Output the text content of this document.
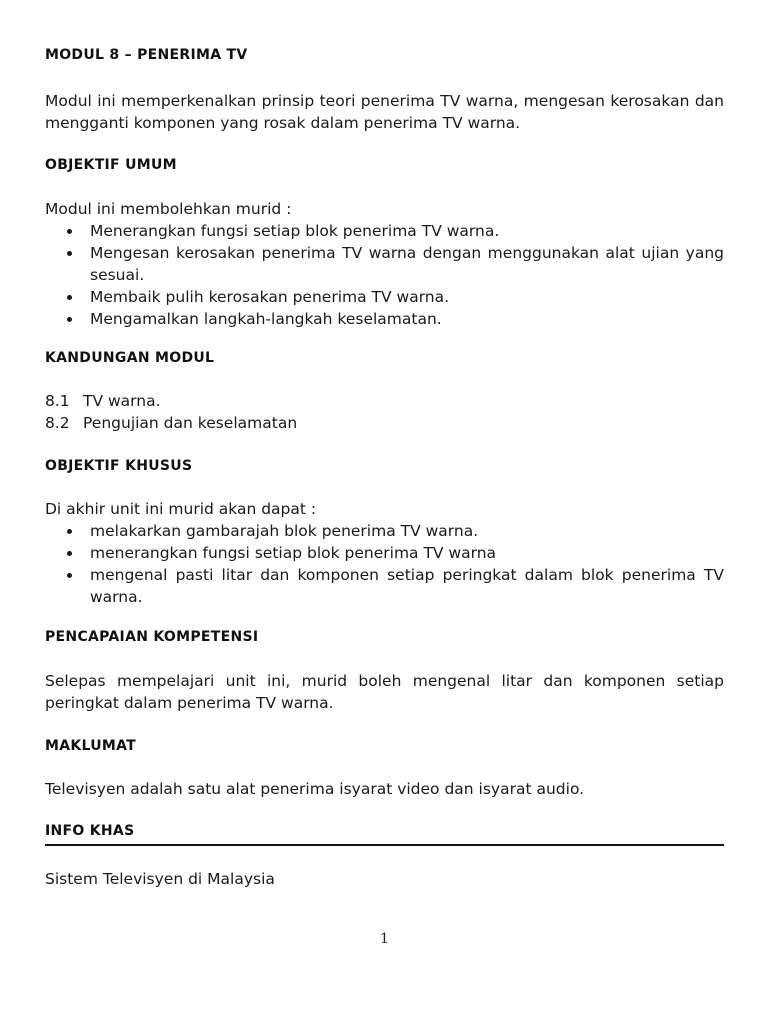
MODUL 8 – PENERIMA TV

Modul ini memperkenalkan prinsip teori penerima TV warna, mengesan kerosakan dan mengganti komponen yang rosak dalam penerima TV warna.

OBJEKTIF UMUM

Modul ini membolehkan murid :

Menerangkan fungsi setiap blok penerima TV warna.
Mengesan kerosakan penerima TV warna dengan menggunakan alat ujian yang sesuai.
Membaik pulih kerosakan penerima TV warna.
Mengamalkan langkah-langkah keselamatan.
KANDUNGAN MODUL
8.1 TV warna.
8.2 Pengujian dan keselamatan
OBJEKTIF KHUSUS

Di akhir unit ini murid akan dapat :

melakarkan gambarajah blok penerima TV warna.
menerangkan fungsi setiap blok penerima TV warna
mengenal pasti litar dan komponen setiap peringkat dalam blok penerima TV warna.
PENCAPAIAN KOMPETENSI

Selepas mempelajari unit ini, murid boleh mengenal litar dan komponen setiap peringkat dalam penerima TV warna.

MAKLUMAT

Televisyen adalah satu alat penerima isyarat video dan isyarat audio.

INFO KHAS

Sistem Televisyen di Malaysia

1
